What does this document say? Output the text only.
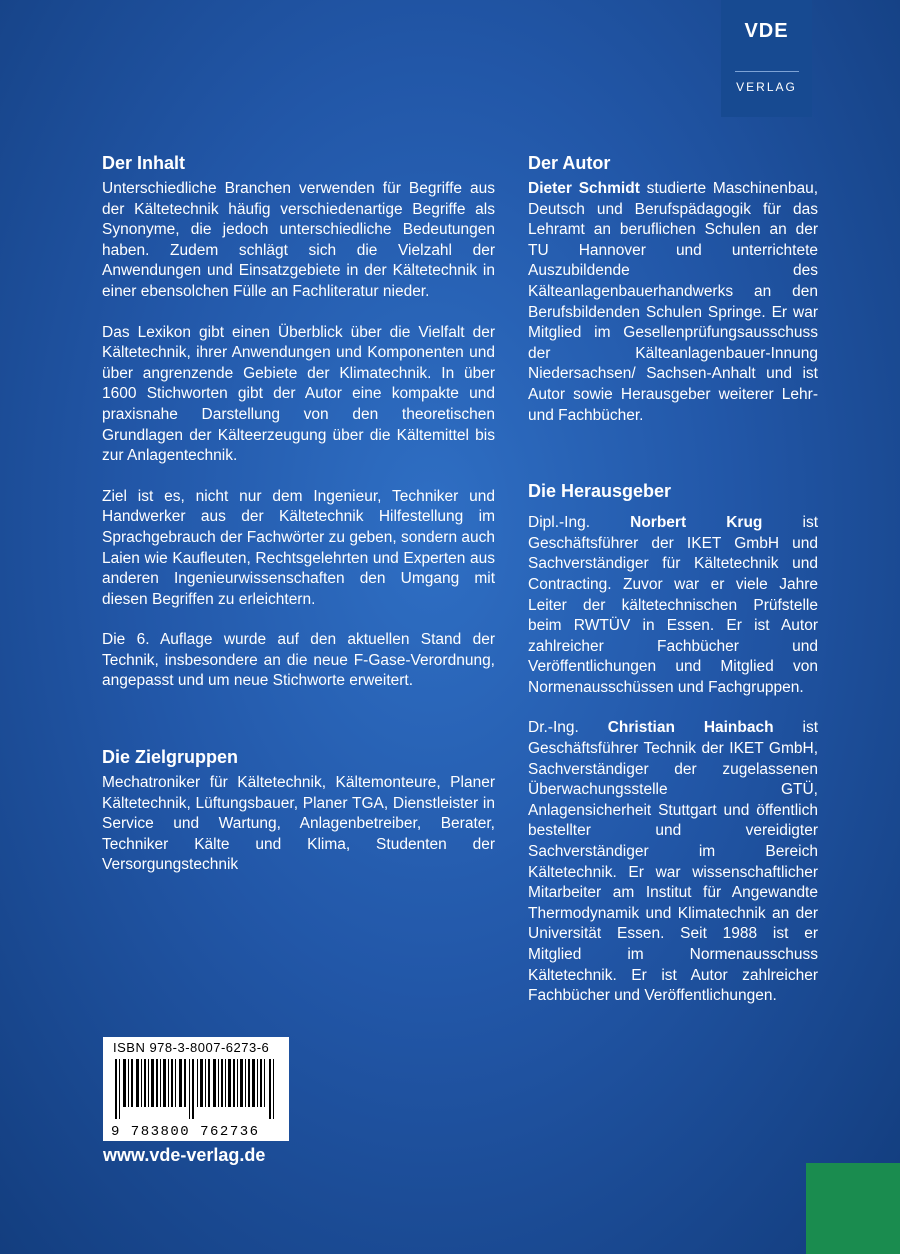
VDE
VERLAG
Der Inhalt

Unterschiedliche Branchen verwenden für Begriffe aus der Kältetechnik häufig verschiedenartige Begriffe als Synonyme, die jedoch unterschiedliche Bedeutungen haben. Zudem schlägt sich die Vielzahl der Anwendungen und Einsatzgebiete in der Kältetechnik in einer ebensolchen Fülle an Fachliteratur nieder.

Das Lexikon gibt einen Überblick über die Vielfalt der Kältetechnik, ihrer Anwendungen und Komponenten und über angrenzende Gebiete der Klimatechnik. In über 1600 Stichworten gibt der Autor eine kompakte und praxisnahe Darstellung von den theoretischen Grundlagen der Kälteerzeugung über die Kältemittel bis zur Anlagentechnik.

Ziel ist es, nicht nur dem Ingenieur, Techniker und Handwerker aus der Kältetechnik Hilfestellung im Sprachgebrauch der Fachwörter zu geben, sondern auch Laien wie Kaufleuten, Rechtsgelehrten und Experten aus anderen Ingenieurwissenschaften den Umgang mit diesen Begriffen zu erleichtern.

Die 6. Auflage wurde auf den aktuellen Stand der Technik, insbesondere an die neue F-Gase-Verordnung, angepasst und um neue Stichworte erweitert.

Die Zielgruppen

Mechatroniker für Kältetechnik, Kältemonteure, Planer Kältetechnik, Lüftungsbauer, Planer TGA, Dienstleister in Service und Wartung, Anlagenbetreiber, Berater, Techniker Kälte und Klima, Studenten der Versorgungstechnik

Der Autor

Dieter Schmidt studierte Maschinenbau, Deutsch und Berufspädagogik für das Lehramt an beruflichen Schulen an der TU Hannover und unterrichtete Auszubildende des Kälteanlagenbauerhandwerks an den Berufsbildenden Schulen Springe. Er war Mitglied im Gesellenprüfungsausschuss der Kälteanlagenbauer-Innung Niedersachsen/ Sachsen-Anhalt und ist Autor sowie Herausgeber weiterer Lehr- und Fachbücher.

Die Herausgeber

Dipl.-Ing. Norbert Krug ist Geschäftsführer der IKET GmbH und Sachverständiger für Kältetechnik und Contracting. Zuvor war er viele Jahre Leiter der kältetechnischen Prüfstelle beim RWTÜV in Essen. Er ist Autor zahlreicher Fachbücher und Veröffentlichungen und Mitglied von Normenausschüssen und Fachgruppen.

Dr.-Ing. Christian Hainbach ist Geschäftsführer Technik der IKET GmbH, Sachverständiger der zugelassenen Überwachungsstelle GTÜ, Anlagensicherheit Stuttgart und öffentlich bestellter und vereidigter Sachverständiger im Bereich Kältetechnik. Er war wissenschaftlicher Mitarbeiter am Institut für Angewandte Thermodynamik und Klimatechnik an der Universität Essen. Seit 1988 ist er Mitglied im Normenausschuss Kältetechnik. Er ist Autor zahlreicher Fachbücher und Veröffentlichungen.

ISBN 978-3-8007-6273-6
9 783800 762736
www.vde-verlag.de
